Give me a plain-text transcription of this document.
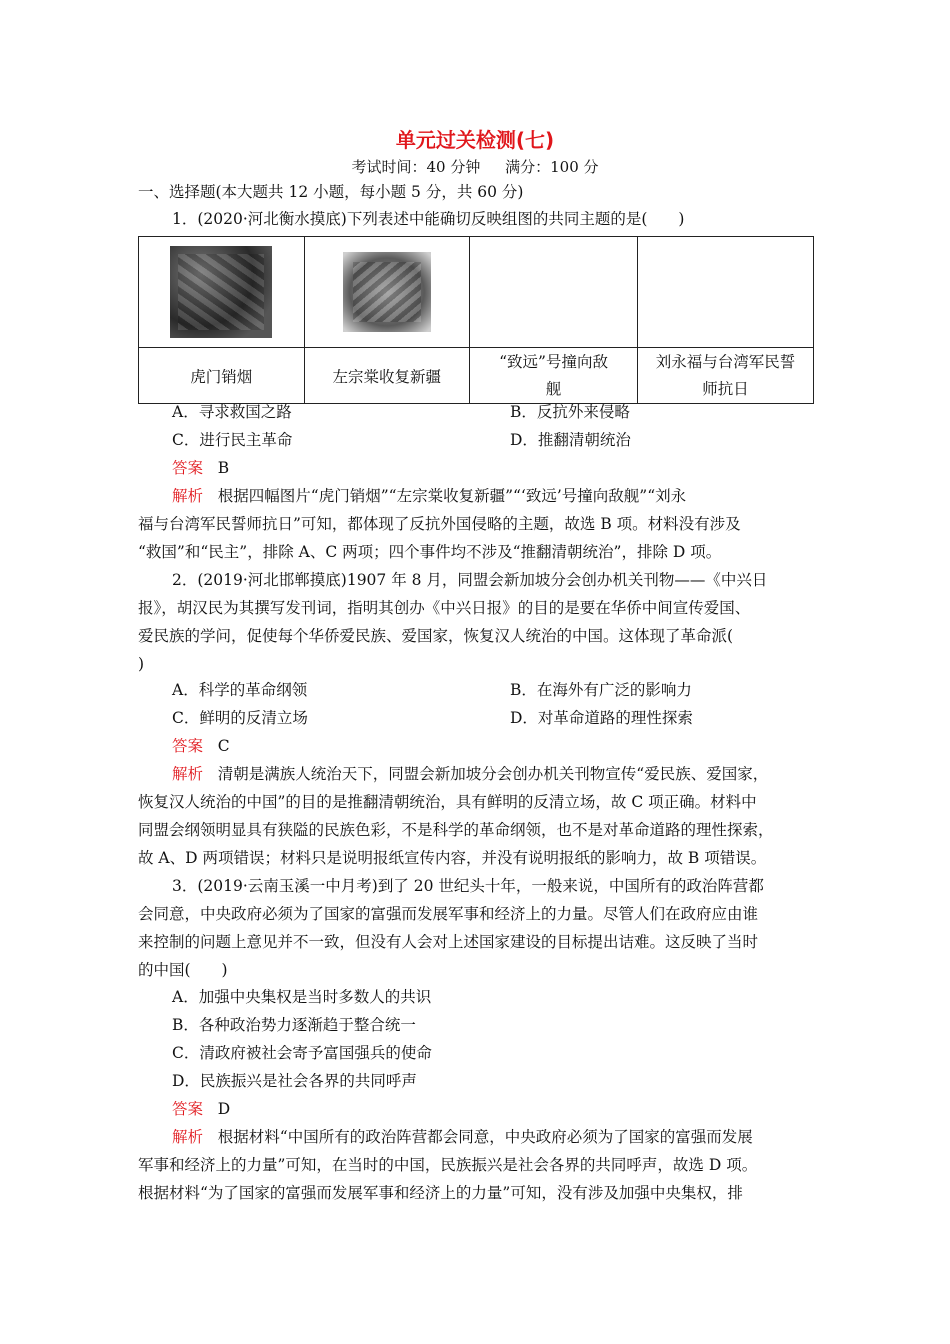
单元过关检测(七)
考试时间：40 分钟 满分：100 分
一、选择题(本大题共 12 小题，每小题 5 分，共 60 分)
1．(2020·河北衡水摸底)下列表述中能确切反映组图的共同主题的是(　　)

虎门销烟	左宗棠收复新疆	“致远”号撞向敌
舰	刘永福与台湾军民誓
师抗日
A．寻求救国之路	B．反抗外来侵略
C．进行民主革命	D．推翻清朝统治
答案 B
解析 根据四幅图片“虎门销烟”“左宗棠收复新疆”“‘致远’号撞向敌舰”“刘永
福与台湾军民誓师抗日”可知，都体现了反抗外国侵略的主题，故选 B 项。材料没有涉及
“救国”和“民主”，排除 A、C 两项；四个事件均不涉及“推翻清朝统治”，排除 D 项。
2．(2019·河北邯郸摸底)1907 年 8 月，同盟会新加坡分会创办机关刊物——《中兴日
报》，胡汉民为其撰写发刊词，指明其创办《中兴日报》的目的是要在华侨中间宣传爱国、
爱民族的学问，促使每个华侨爱民族、爱国家，恢复汉人统治的中国。这体现了革命派(
)
A．科学的革命纲领	B．在海外有广泛的影响力
C．鲜明的反清立场	D．对革命道路的理性探索
答案 C
解析 清朝是满族人统治天下，同盟会新加坡分会创办机关刊物宣传“爱民族、爱国家，
恢复汉人统治的中国”的目的是推翻清朝统治，具有鲜明的反清立场，故 C 项正确。材料中
同盟会纲领明显具有狭隘的民族色彩，不是科学的革命纲领，也不是对革命道路的理性探索，
故 A、D 两项错误；材料只是说明报纸宣传内容，并没有说明报纸的影响力，故 B 项错误。
3．(2019·云南玉溪一中月考)到了 20 世纪头十年，一般来说，中国所有的政治阵营都
会同意，中央政府必须为了国家的富强而发展军事和经济上的力量。尽管人们在政府应由谁
来控制的问题上意见并不一致，但没有人会对上述国家建设的目标提出诘难。这反映了当时
的中国(　　)
A．加强中央集权是当时多数人的共识
B．各种政治势力逐渐趋于整合统一
C．清政府被社会寄予富国强兵的使命
D．民族振兴是社会各界的共同呼声
答案 D
解析 根据材料“中国所有的政治阵营都会同意，中央政府必须为了国家的富强而发展
军事和经济上的力量”可知，在当时的中国，民族振兴是社会各界的共同呼声，故选 D 项。
根据材料“为了国家的富强而发展军事和经济上的力量”可知，没有涉及加强中央集权，排
